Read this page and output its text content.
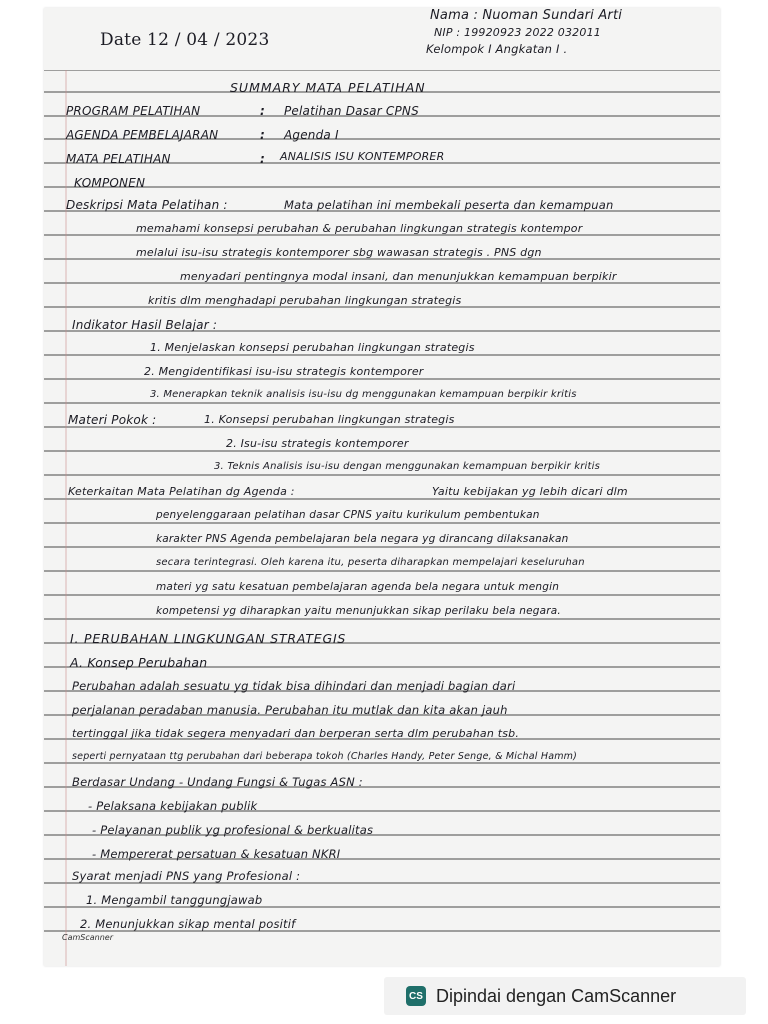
Date 12 / 04 / 2023
Nama : Nuoman Sundari Arti
NIP : 19920923 2022 032011
Kelompok I Angkatan I .
SUMMARY MATA PELATIHAN
PROGRAM PELATIHAN	: Pelatihan Dasar CPNS
AGENDA PEMBELAJARAN	: Agenda I
MATA PELATIHAN	: ANALISIS ISU KONTEMPORER
KOMPONEN
Deskripsi Mata Pelatihan :	Mata pelatihan ini membekali peserta dan kemampuan
memahami konsepsi perubahan & perubahan lingkungan strategis kontempor
melalui isu-isu strategis kontemporer sbg wawasan strategis . PNS dgn
menyadari pentingnya modal insani, dan menunjukkan kemampuan berpikir
kritis dlm menghadapi perubahan lingkungan strategis
Indikator Hasil Belajar :
1. Menjelaskan konsepsi perubahan lingkungan strategis
2. Mengidentifikasi isu-isu strategis kontemporer
3. Menerapkan teknik analisis isu-isu dg menggunakan kemampuan berpikir kritis
Materi Pokok :	1. Konsepsi perubahan lingkungan strategis
2. Isu-isu strategis kontemporer
3. Teknis Analisis isu-isu dengan menggunakan kemampuan berpikir kritis
Keterkaitan Mata Pelatihan dg Agenda :	Yaitu kebijakan yg lebih dicari dlm
penyelenggaraan pelatihan dasar CPNS yaitu kurikulum pembentukan
karakter PNS Agenda pembelajaran bela negara yg dirancang dilaksanakan
secara terintegrasi. Oleh karena itu, peserta diharapkan mempelajari keseluruhan
materi yg satu kesatuan pembelajaran agenda bela negara untuk mengin
kompetensi yg diharapkan yaitu menunjukkan sikap perilaku bela negara.
I. PERUBAHAN LINGKUNGAN STRATEGIS
A. Konsep Perubahan
Perubahan adalah sesuatu yg tidak bisa dihindari dan menjadi bagian dari
perjalanan peradaban manusia. Perubahan itu mutlak dan kita akan jauh
tertinggal jika tidak segera menyadari dan berperan serta dlm perubahan tsb.
seperti pernyataan ttg perubahan dari beberapa tokoh (Charles Handy, Peter Senge, & Michal Hamm)
Berdasar Undang - Undang Fungsi & Tugas ASN :
- Pelaksana kebijakan publik
- Pelayanan publik yg profesional & berkualitas
- Mempererat persatuan & kesatuan NKRI
Syarat menjadi PNS yang Profesional :
1. Mengambil tanggungjawab
2. Menunjukkan sikap mental positif
CamScanner
CS Dipindai dengan CamScanner
